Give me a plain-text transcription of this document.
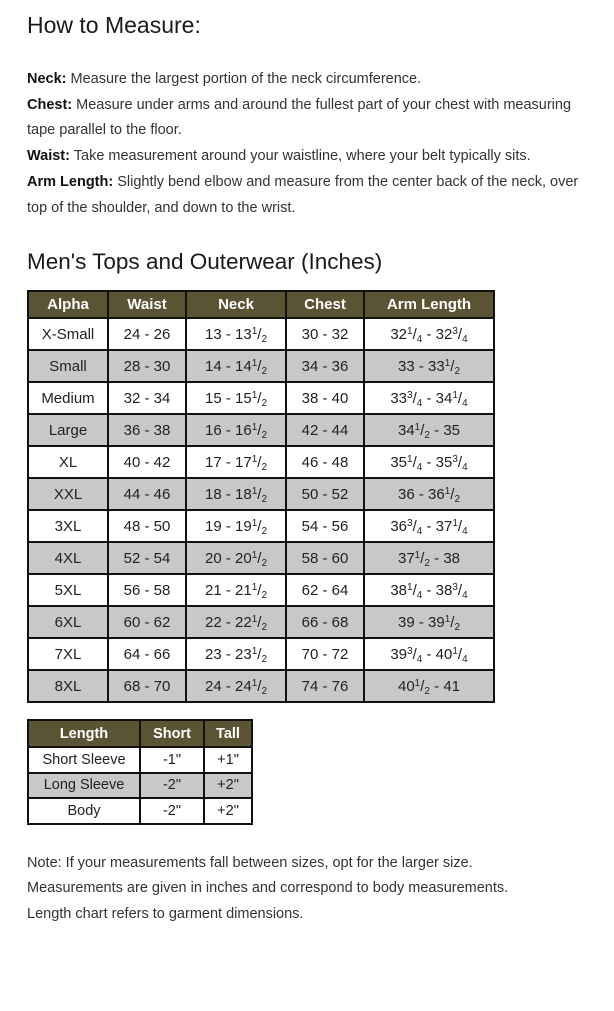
How to Measure:

Neck: Measure the largest portion of the neck circumference.

Chest: Measure under arms and around the fullest part of your chest with measuring tape parallel to the floor.

Waist: Take measurement around your waistline, where your belt typically sits.

Arm Length: Slightly bend elbow and measure from the center back of the neck, over top of the shoulder, and down to the wrist.

Men's Tops and Outerwear (Inches)
Alpha	Waist	Neck	Chest	Arm Length
X-Small	24 - 26	$13 - 13^1/_2$	30 - 32	$32^1/_4 - 32^3/_4$
Small	28 - 30	$14 - 14^1/_2$	34 - 36	$33 - 33^1/_2$
Medium	32 - 34	$15 - 15^1/_2$	38 - 40	$33^3/_4 - 34^1/_4$
Large	36 - 38	$16 - 16^1/_2$	42 - 44	$34^1/_2 - 35$
XL	40 - 42	$17 - 17^1/_2$	46 - 48	$35^1/_4 - 35^3/_4$
XXL	44 - 46	$18 - 18^1/_2$	50 - 52	$36 - 36^1/_2$
3XL	48 - 50	$19 - 19^1/_2$	54 - 56	$36^3/_4 - 37^1/_4$
4XL	52 - 54	$20 - 20^1/_2$	58 - 60	$37^1/_2 - 38$
5XL	56 - 58	$21 - 21^1/_2$	62 - 64	$38^1/_4 - 38^3/_4$
6XL	60 - 62	$22 - 22^1/_2$	66 - 68	$39 - 39^1/_2$
7XL	64 - 66	$23 - 23^1/_2$	70 - 72	$39^3/_4 - 40^1/_4$
8XL	68 - 70	$24 - 24^1/_2$	74 - 76	$40^1/_2 - 41$
Length	Short	Tall
Short Sleeve	-1"	+1"
Long Sleeve	-2"	+2"
Body	-2"	+2"

Note: If your measurements fall between sizes, opt for the larger size.

Measurements are given in inches and correspond to body measurements.

Length chart refers to garment dimensions.
